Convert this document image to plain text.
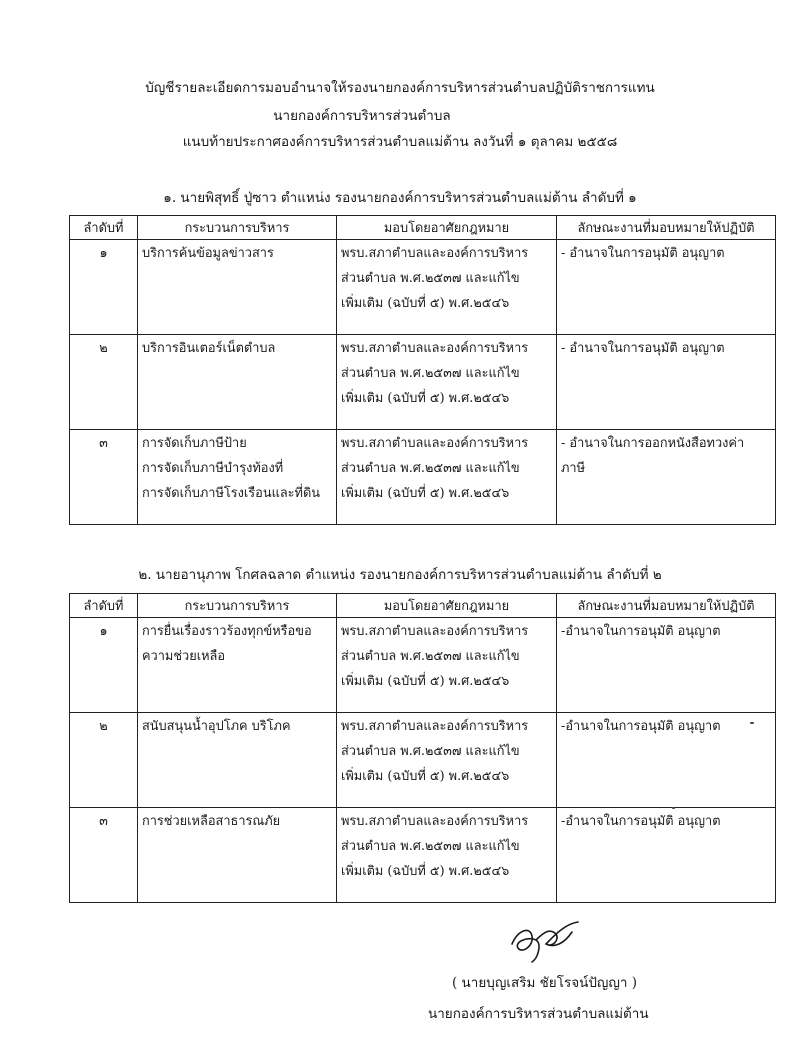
บัญชีรายละเอียดการมอบอำนาจให้รองนายกองค์การบริหารส่วนตำบลปฏิบัติราชการแทน
นายกองค์การบริหารส่วนตำบล
แนบท้ายประกาศองค์การบริหารส่วนตำบลแม่ต้าน ลงวันที่ ๑ ตุลาคม ๒๕๕๘
๑. นายพิสุทธิ์ ปู่ซาว ตำแหน่ง รองนายกองค์การบริหารส่วนตำบลแม่ต้าน ลำดับที่ ๑
ลำดับที่	กระบวนการบริหาร	มอบโดยอาศัยกฎหมาย	ลักษณะงานที่มอบหมายให้ปฏิบัติ
๑	บริการค้นข้อมูลข่าวสาร	พรบ.สภาตำบลและองค์การบริหาร
ส่วนตำบล พ.ศ.๒๕๓๗ และแก้ไข
เพิ่มเติม (ฉบับที่ ๕) พ.ศ.๒๕๔๖	- อำนาจในการอนุมัติ อนุญาต

๒	บริการอินเตอร์เน็ตตำบล	พรบ.สภาตำบลและองค์การบริหาร
ส่วนตำบล พ.ศ.๒๕๓๗ และแก้ไข
เพิ่มเติม (ฉบับที่ ๕) พ.ศ.๒๕๔๖	- อำนาจในการอนุมัติ อนุญาต

๓	การจัดเก็บภาษีป้าย
การจัดเก็บภาษีบำรุงท้องที่
การจัดเก็บภาษีโรงเรือนและที่ดิน	พรบ.สภาตำบลและองค์การบริหาร
ส่วนตำบล พ.ศ.๒๕๓๗ และแก้ไข
เพิ่มเติม (ฉบับที่ ๕) พ.ศ.๒๕๔๖	- อำนาจในการออกหนังสือทวงค่า
ภาษี
๒. นายอานุภาพ โกศลฉลาด ตำแหน่ง รองนายกองค์การบริหารส่วนตำบลแม่ต้าน ลำดับที่ ๒
ลำดับที่	กระบวนการบริหาร	มอบโดยอาศัยกฎหมาย	ลักษณะงานที่มอบหมายให้ปฏิบัติ
๑	การยื่นเรื่องราวร้องทุกข์หรือขอ
ความช่วยเหลือ	พรบ.สภาตำบลและองค์การบริหาร
ส่วนตำบล พ.ศ.๒๕๓๗ และแก้ไข
เพิ่มเติม (ฉบับที่ ๕) พ.ศ.๒๕๔๖	-อำนาจในการอนุมัติ อนุญาต

๒	สนับสนุนน้ำอุปโภค บริโภค	พรบ.สภาตำบลและองค์การบริหาร
ส่วนตำบล พ.ศ.๒๕๓๗ และแก้ไข
เพิ่มเติม (ฉบับที่ ๕) พ.ศ.๒๕๔๖	-อำนาจในการอนุมัติ อนุญาต

๓	การช่วยเหลือสาธารณภัย	พรบ.สภาตำบลและองค์การบริหาร
ส่วนตำบล พ.ศ.๒๕๓๗ และแก้ไข
เพิ่มเติม (ฉบับที่ ๕) พ.ศ.๒๕๔๖	-อำนาจในการอนุมัติ อนุญาต
( นายบุญเสริม ชัยโรจน์ปัญญา )
นายกองค์การบริหารส่วนตำบลแม่ต้าน
